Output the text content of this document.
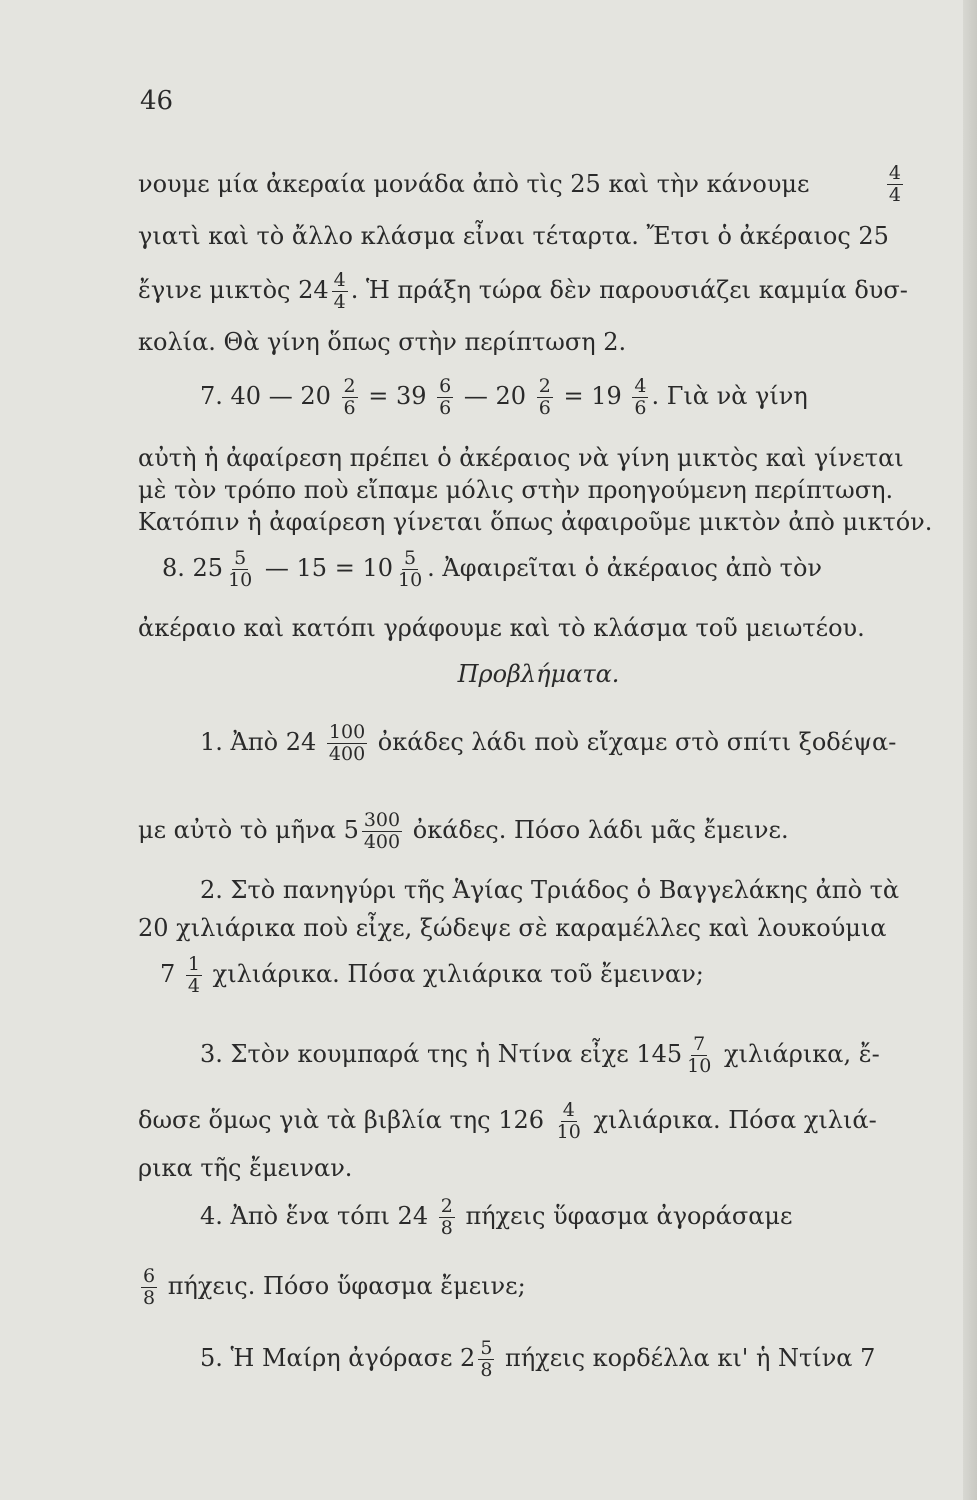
46
νουμε μία ἀκεραία μονάδα ἀπὸ τὶς 25 καὶ τὴν κάνουμε	$\frac{4}{4}$
γιατὶ καὶ τὸ ἄλλο κλάσμα εἶναι τέταρτα. Ἔτσι ὁ ἀκέραιος 25
ἔγινε μικτὸς $24 \frac{4}{4}$ . Ἡ πράξη τώρα δὲν παρουσιάζει καμμία δυσ-
κολία. Θὰ γίνη ὅπως στὴν περίπτωση 2.
7. 40 — $20 \frac{2}{6} = 39 \frac{6}{6}$ — $20 \frac{2}{6} = 19 \frac{4}{6}$ . Γιὰ νὰ γίνη
αὐτὴ ἡ ἀφαίρεση πρέπει ὁ ἀκέραιος νὰ γίνη μικτὸς καὶ γίνεται
μὲ τὸν τρόπο ποὺ εἴπαμε μόλις στὴν προηγούμενη περίπτωση.
Κατόπιν ἡ ἀφαίρεση γίνεται ὅπως ἀφαιροῦμε μικτὸν ἀπὸ μικτόν.
8. $25 \frac{5}{10}$ — $15 = 10 \frac{5}{10}$ . Ἀφαιρεῖται ὁ ἀκέραιος ἀπὸ τὸν
ἀκέραιο καὶ κατόπι γράφουμε καὶ τὸ κλάσμα τοῦ μειωτέου.
Προβλήματα.
1. Ἀπὸ $24 \frac{100}{400}$ ὀκάδες λάδι ποὺ εἴχαμε στὸ σπίτι ξοδέψα-
με αὐτὸ τὸ μῆνα $5 \frac{300}{400}$ ὀκάδες. Πόσο λάδι μᾶς ἔμεινε.
2. Στὸ πανηγύρι τῆς Ἁγίας Τριάδος ὁ Βαγγελάκης ἀπὸ τὰ
20 χιλιάρικα ποὺ εἶχε, ξώδεψε σὲ καραμέλλες καὶ λουκούμια
$7 \frac{1}{4} \chi\iota\lambda\iota ά\rho\iota\kappa\alpha$. Πόσα χιλιάρικα τοῦ ἔμειναν;
3. Στὸν κουμπαρά της ἡ Ντίνα εἶχε $145 \frac{7}{10} \chi\iota\lambda\iota ά\rho\iota\kappa\alpha$, ἔ-
δωσε ὅμως γιὰ τὰ βιβλία της $126 \frac{4}{10} \chi\iota\lambda\iota ά\rho\iota\kappa\alpha$. Πόσα χιλιά-
ρικα τῆς ἔμειναν.
4. Ἀπὸ ἕνα τόπι $24 \frac{2}{8}$ πήχεις ὕφασμα ἀγοράσαμε
$\frac{6}{8} \pi ή\chi\varepsilon\iota\varsigma$. Πόσο ὕφασμα ἔμεινε;
5. Ἡ Μαίρη ἀγόρασε $2 \frac{5}{8}$ πήχεις κορδέλλα κι' ἡ Ντίνα 7
